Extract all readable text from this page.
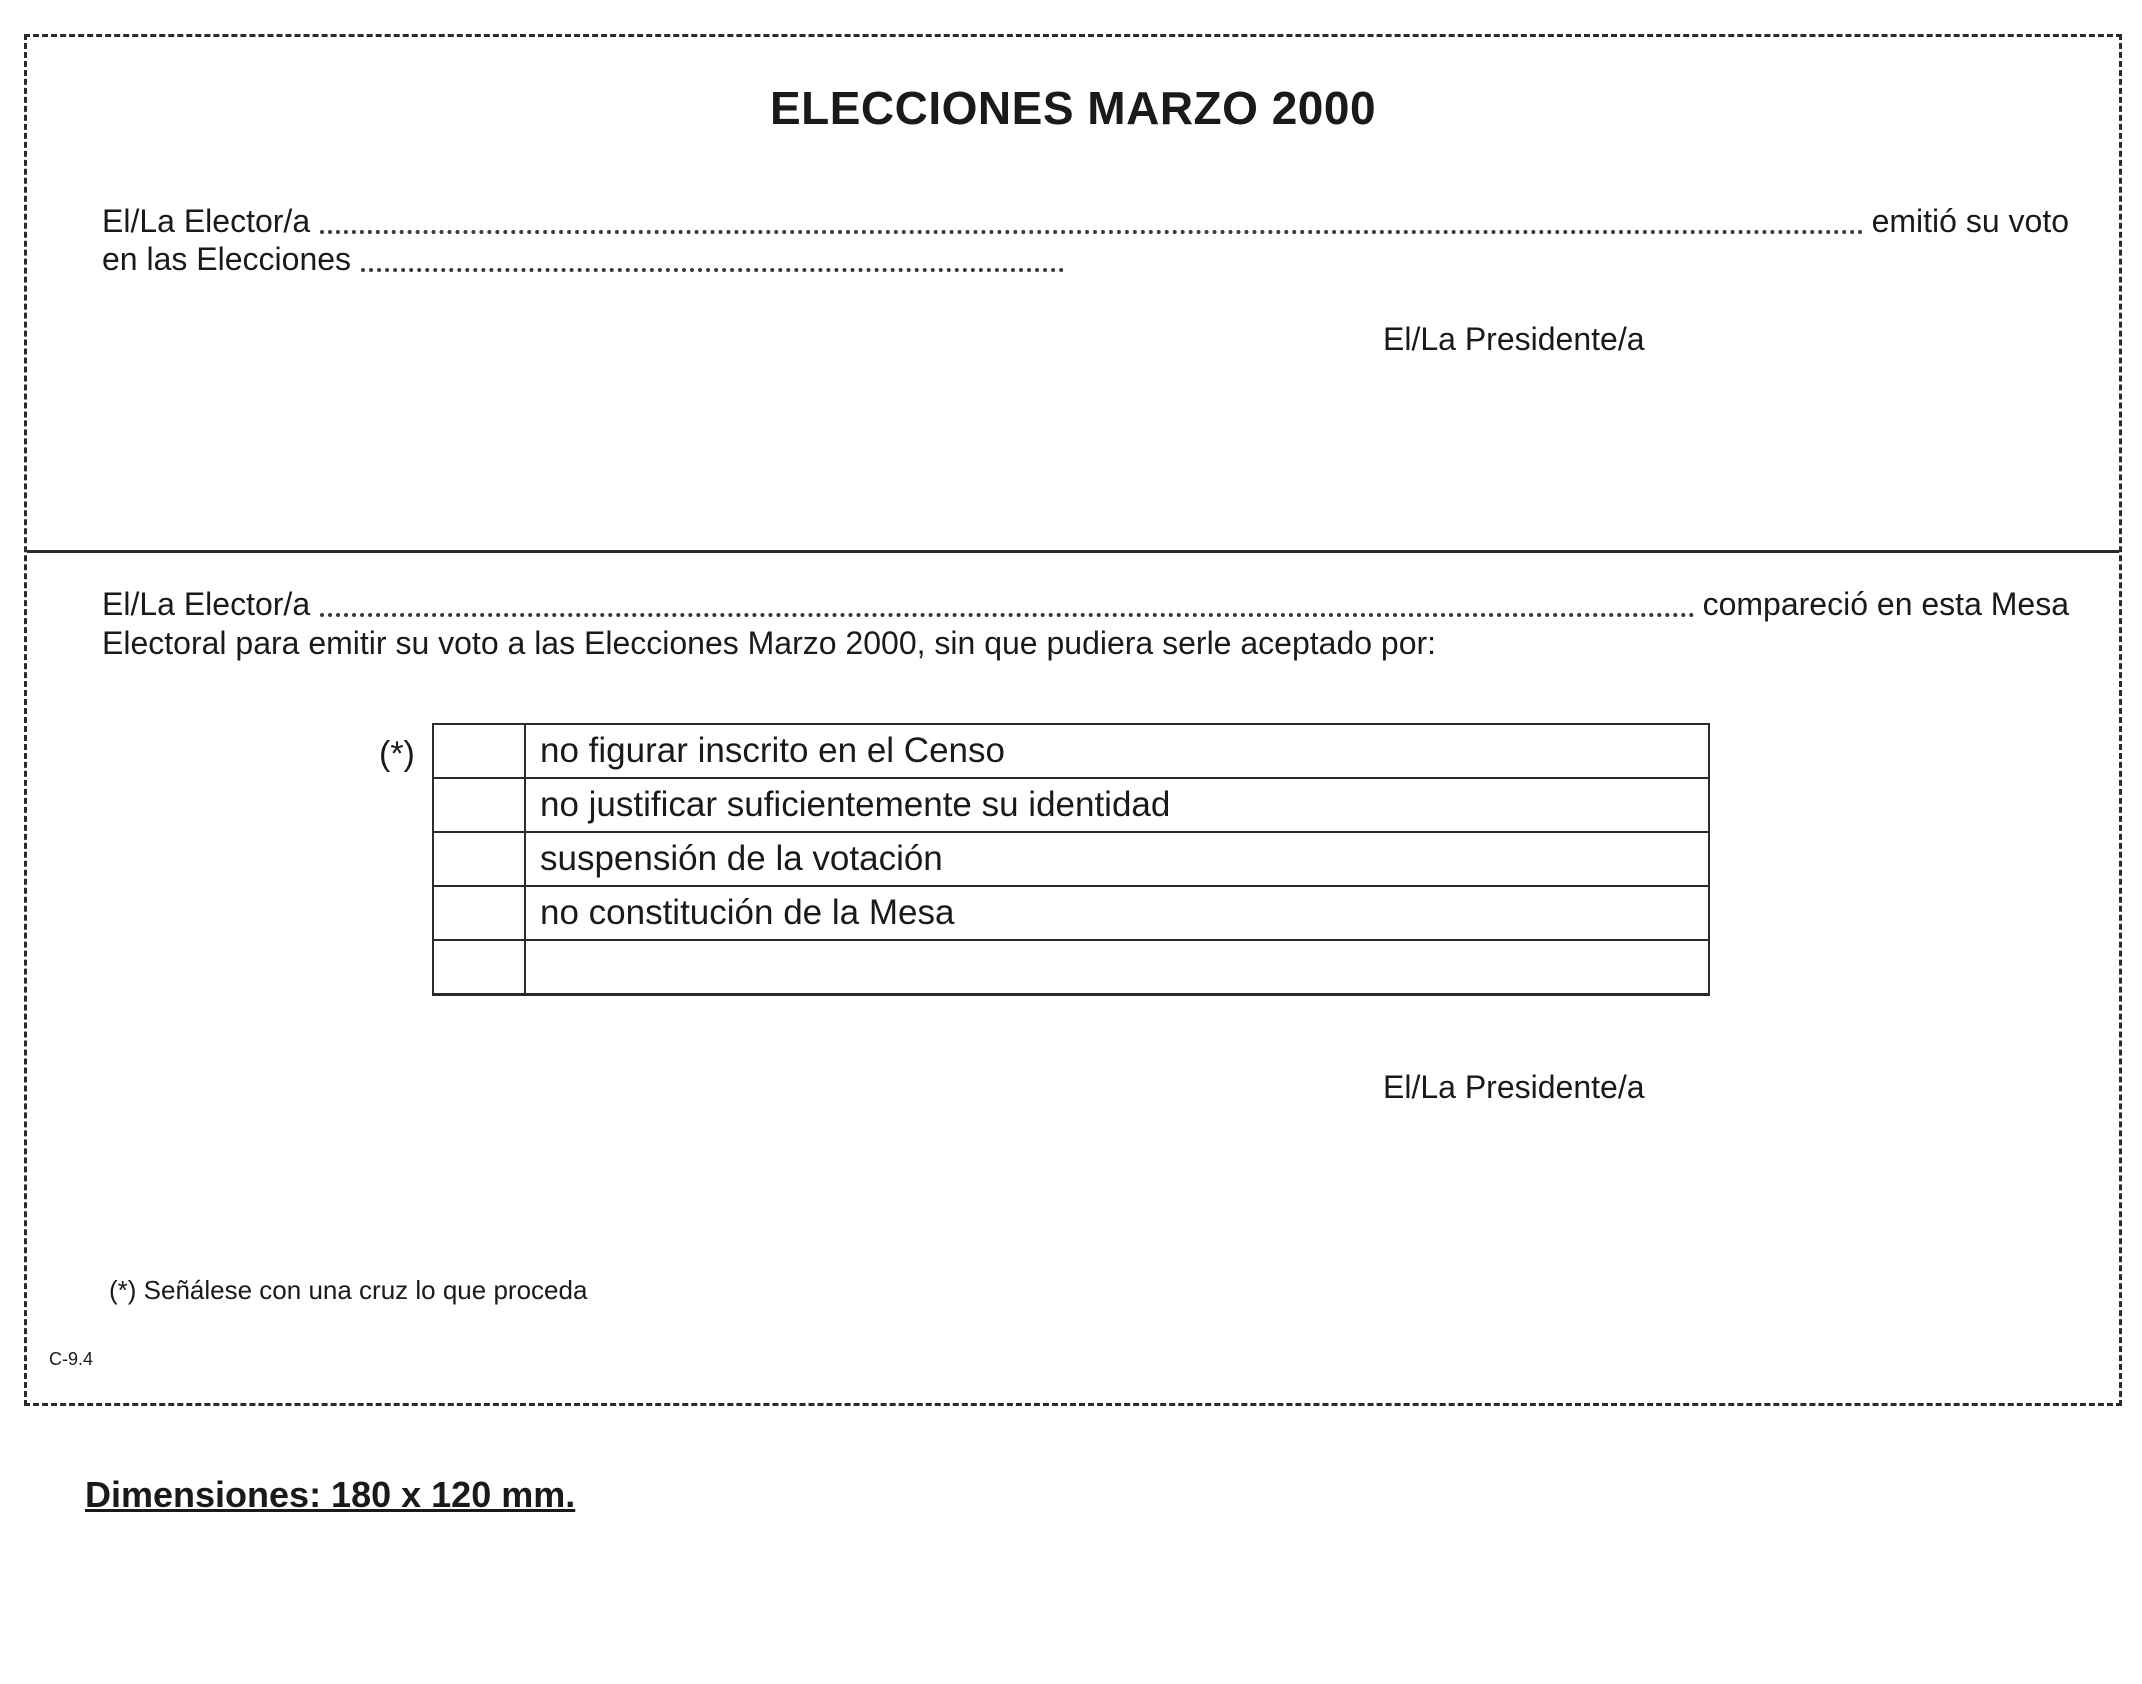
ELECCIONES MARZO 2000
El/La Elector/a	emitió su voto
en las Elecciones
El/La Presidente/a
El/La Elector/a	compareció en esta Mesa
Electoral para emitir su voto a las Elecciones Marzo 2000, sin que pudiera serle aceptado por:
(*)
		no figurar inscrito en el Censo
	no justificar suficientemente su identidad
	suspensión de la votación
	no constitución de la Mesa

El/La Presidente/a
(*) Señálese con una cruz lo que proceda
C-9.4
Dimensiones: 180 x 120 mm.
